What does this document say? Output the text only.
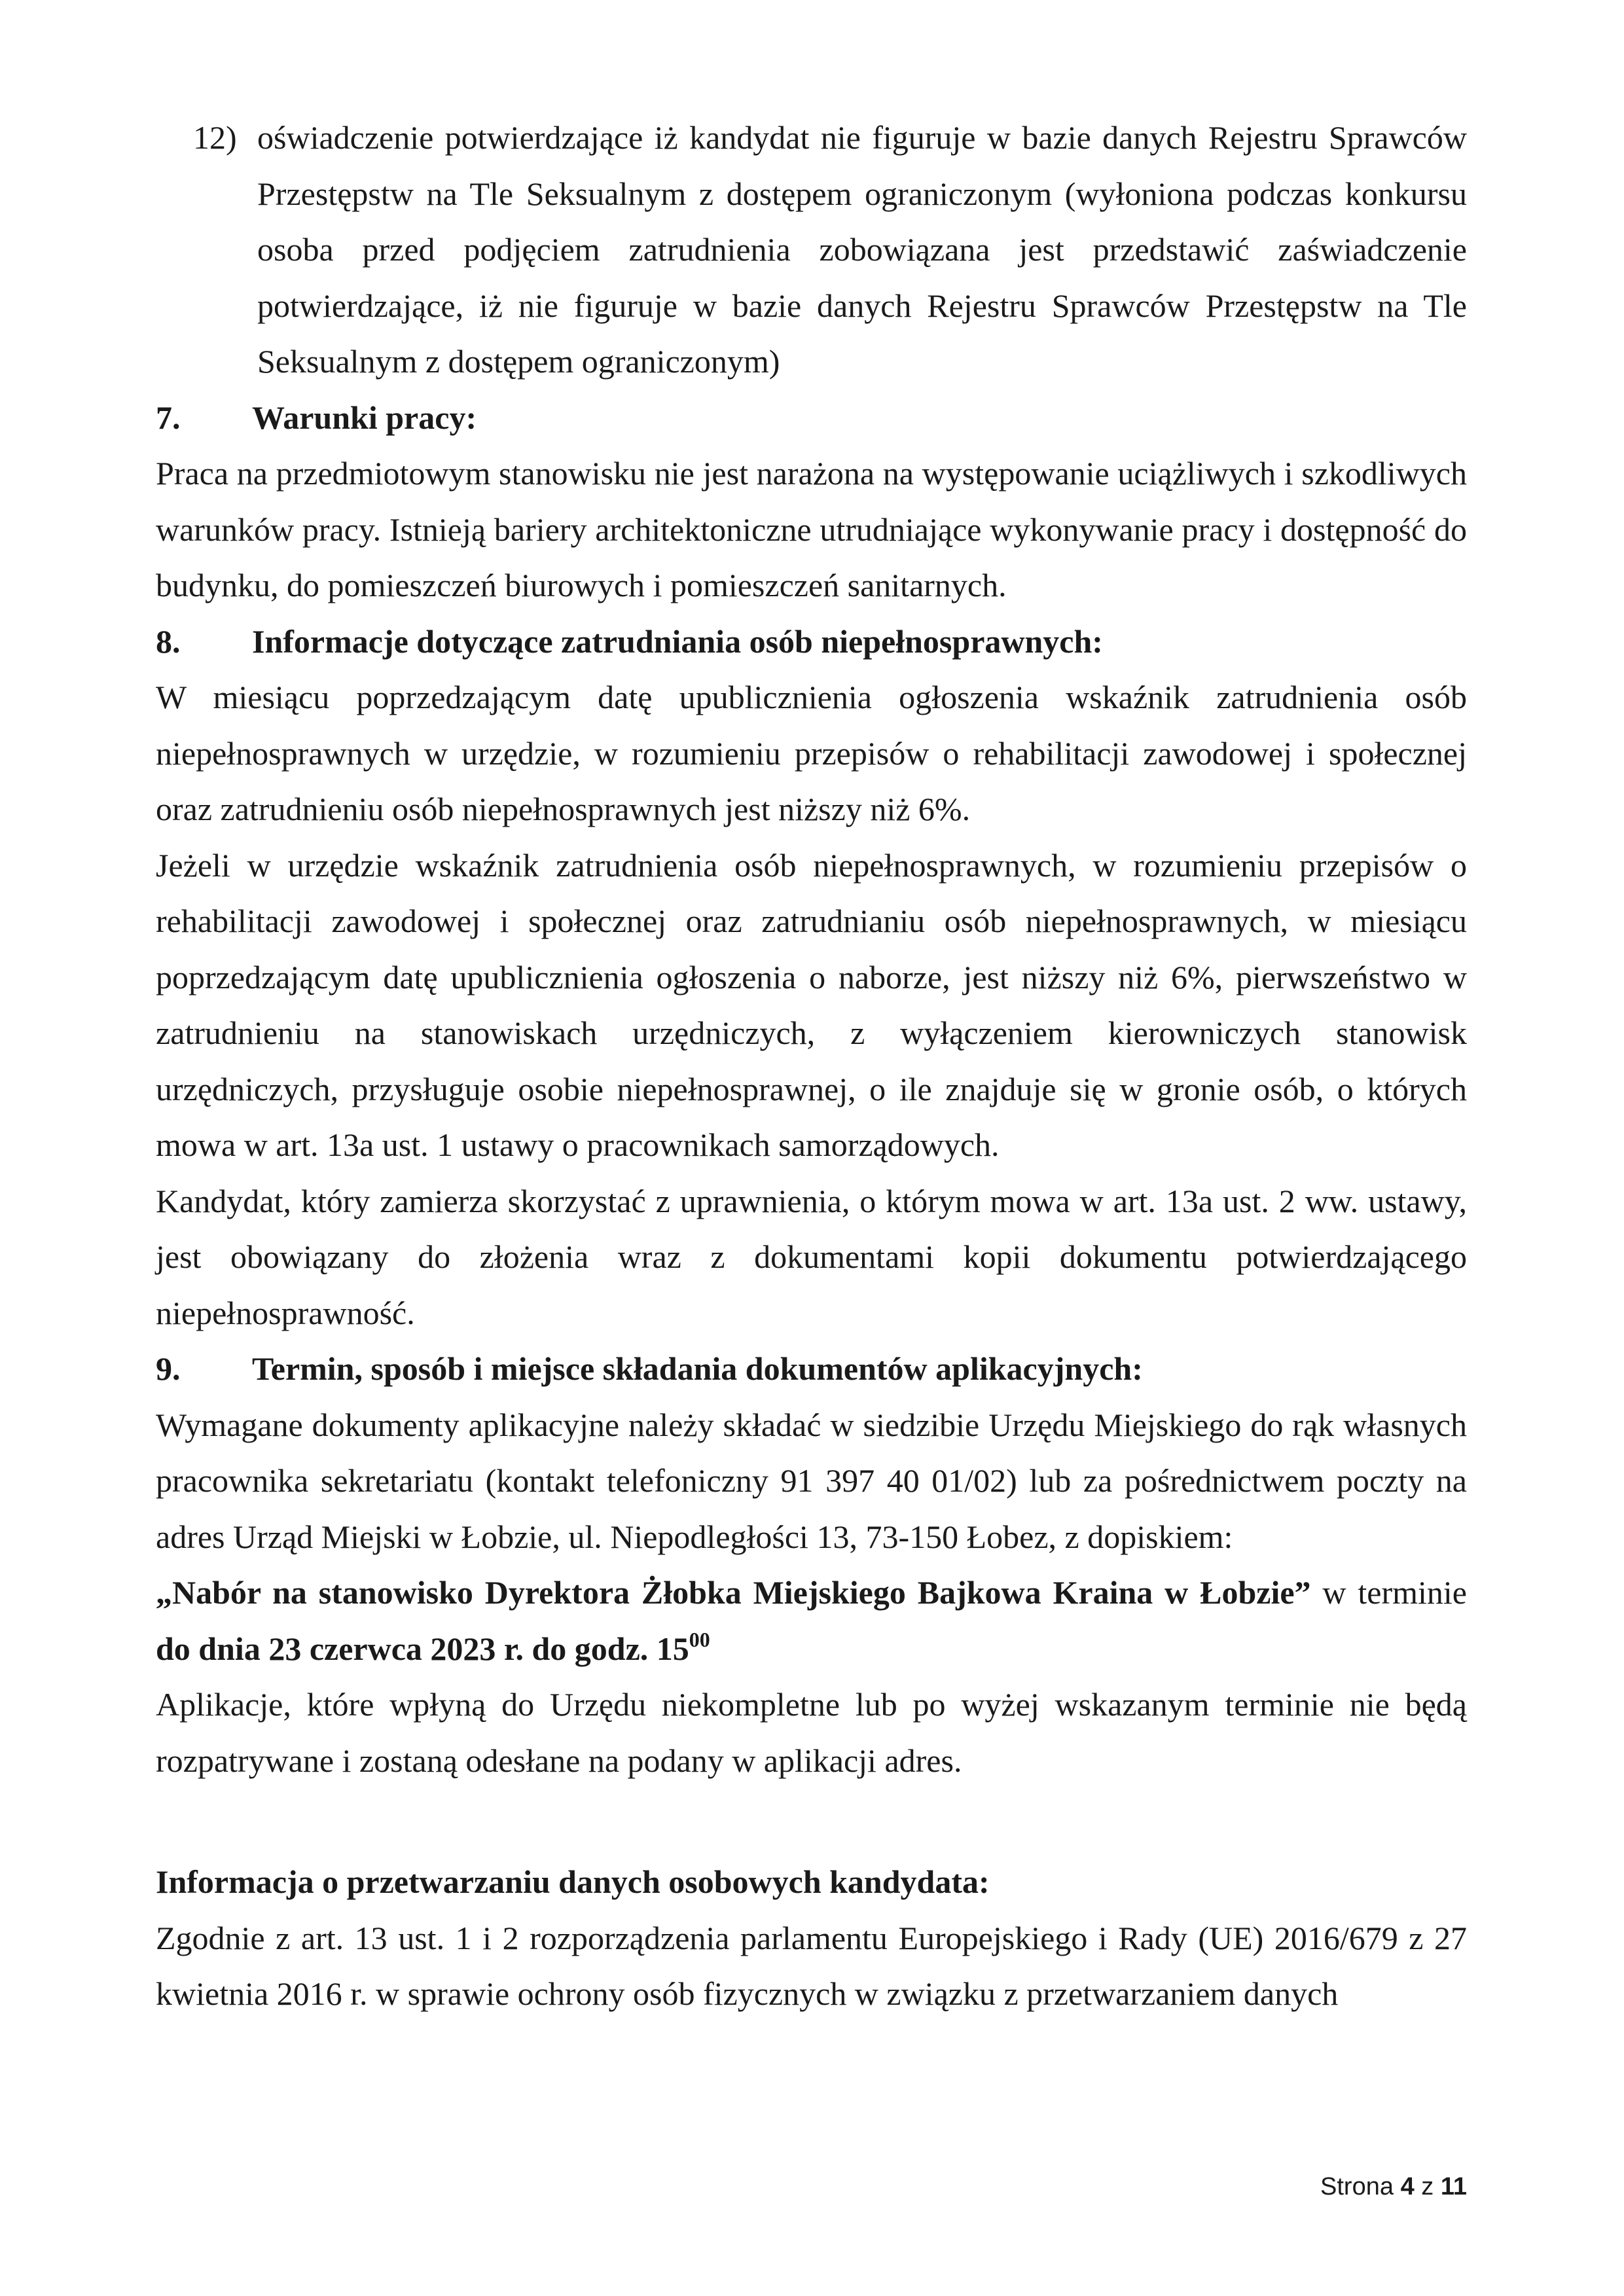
12) oświadczenie potwierdzające iż kandydat nie figuruje w bazie danych Rejestru Sprawców Przestępstw na Tle Seksualnym z dostępem ograniczonym (wyłoniona podczas konkursu osoba przed podjęciem zatrudnienia zobowiązana jest przedstawić zaświadczenie potwierdzające, iż nie figuruje w bazie danych Rejestru Sprawców Przestępstw na Tle Seksualnym z dostępem ograniczonym)
7.	Warunki pracy:

Praca na przedmiotowym stanowisku nie jest narażona na występowanie uciążliwych i szkodliwych warunków pracy. Istnieją bariery architektoniczne utrudniające wykonywanie pracy i dostępność do budynku, do pomieszczeń biurowych i pomieszczeń sanitarnych.

8.	Informacje dotyczące zatrudniania osób niepełnosprawnych:

W miesiącu poprzedzającym datę upublicznienia ogłoszenia wskaźnik zatrudnienia osób niepełnosprawnych w urzędzie, w rozumieniu przepisów o rehabilitacji zawodowej i społecznej oraz zatrudnieniu osób niepełnosprawnych jest niższy niż 6%.

Jeżeli w urzędzie wskaźnik zatrudnienia osób niepełnosprawnych, w rozumieniu przepisów o rehabilitacji zawodowej i społecznej oraz zatrudnianiu osób niepełnosprawnych, w miesiącu poprzedzającym datę upublicznienia ogłoszenia o naborze, jest niższy niż 6%, pierwszeństwo w zatrudnieniu na stanowiskach urzędniczych, z wyłączeniem kierowniczych stanowisk urzędniczych, przysługuje osobie niepełnosprawnej, o ile znajduje się w gronie osób, o których mowa w art. 13a ust. 1 ustawy o pracownikach samorządowych.

Kandydat, który zamierza skorzystać z uprawnienia, o którym mowa w art. 13a ust. 2 ww. ustawy, jest obowiązany do złożenia wraz z dokumentami kopii dokumentu potwierdzającego niepełnosprawność.

9.	Termin, sposób i miejsce składania dokumentów aplikacyjnych:

Wymagane dokumenty aplikacyjne należy składać w siedzibie Urzędu Miejskiego do rąk własnych pracownika sekretariatu (kontakt telefoniczny 91 397 40 01/02) lub za pośrednictwem poczty na adres Urząd Miejski w Łobzie, ul. Niepodległości 13, 73-150 Łobez, z dopiskiem:

„Nabór na stanowisko Dyrektora Żłobka Miejskiego Bajkowa Kraina w Łobzie” w terminie do dnia 23 czerwca 2023 r. do godz. $15^{00}$

Aplikacje, które wpłyną do Urzędu niekompletne lub po wyżej wskazanym terminie nie będą rozpatrywane i zostaną odesłane na podany w aplikacji adres.

Informacja o przetwarzaniu danych osobowych kandydata:

Zgodnie z art. 13 ust. 1 i 2 rozporządzenia parlamentu Europejskiego i Rady (UE) 2016/679 z 27 kwietnia 2016 r. w sprawie ochrony osób fizycznych w związku z przetwarzaniem danych

Strona 4 z 11
